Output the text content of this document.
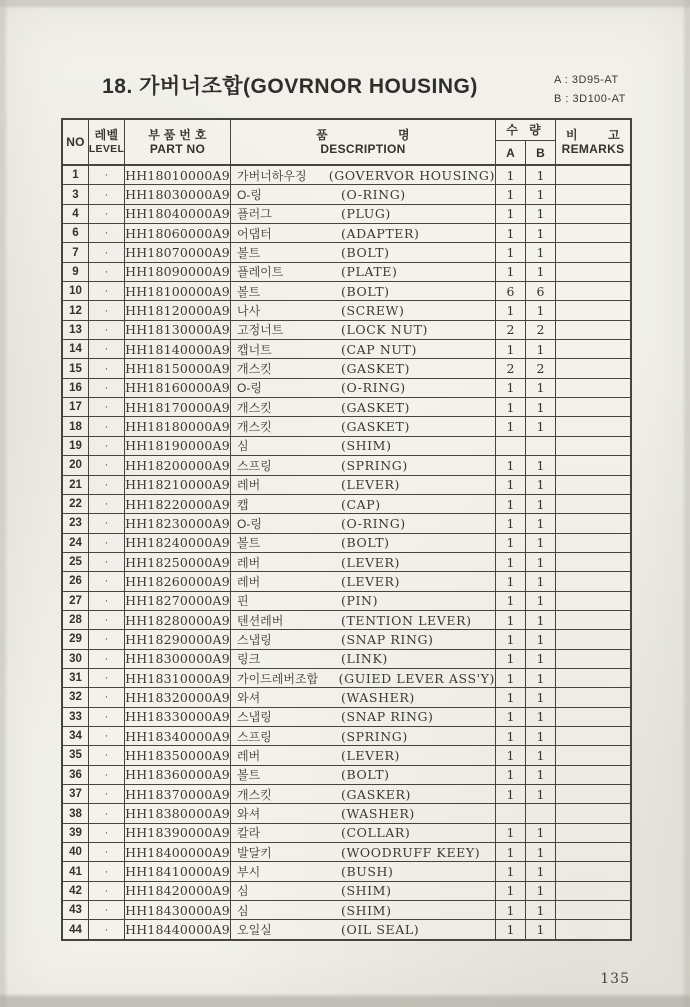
18. 가버너조합(GOVRNOR HOUSING)	A : 3D95-AT
B : 3D100-AT
NO 레벨
LEVEL
부 품 번 호
PART NO
품	명
DESCRIPTION
수 량
A	B
비	고
REMARKS
1	·	HH18010000A9 가버너하우징	(GOVERVOR HOUSING) 1	1
3	·	HH18030000A9 O-링	(O-RING)	1	1
4	·	HH18040000A9 플러그	(PLUG)	1	1
6	·	HH18060000A9 어댑터	(ADAPTER)	1	1
7	·	HH18070000A9 볼트	(BOLT)	1	1
9	·	HH18090000A9 플레이트	(PLATE)	1	1
10	·	HH18100000A9 볼트	(BOLT)	6	6
12	·	HH18120000A9 나사	(SCREW)	1	1
13	·	HH18130000A9 고정너트	(LOCK NUT)	2	2
14	·	HH18140000A9 캡너트	(CAP NUT)	1	1
15	·	HH18150000A9 개스킷	(GASKET)	2	2
16	·	HH18160000A9 O-링	(O-RING)	1	1
17	·	HH18170000A9 개스킷	(GASKET)	1	1
18	·	HH18180000A9 개스킷	(GASKET)	1	1
19	·	HH18190000A9 심	(SHIM)
20	·	HH18200000A9 스프링	(SPRING)	1	1
21	·	HH18210000A9 레버	(LEVER)	1	1
22	·	HH18220000A9 캡	(CAP)	1	1
23	·	HH18230000A9 O-링	(O-RING)	1	1
24	·	HH18240000A9 볼트	(BOLT)	1	1
25	·	HH18250000A9 레버	(LEVER)	1	1
26	·	HH18260000A9 레버	(LEVER)	1	1
27	·	HH18270000A9 핀	(PIN)	1	1
28	·	HH18280000A9 텐션레버	(TENTION LEVER)	1	1
29	·	HH18290000A9 스냅링	(SNAP RING)	1	1
30	·	HH18300000A9 링크	(LINK)	1	1
31	·	HH18310000A9 가이드레버조합	(GUIED LEVER ASS'Y) 1	1
32	·	HH18320000A9 와셔	(WASHER)	1	1
33	·	HH18330000A9 스냅링	(SNAP RING)	1	1
34	·	HH18340000A9 스프링	(SPRING)	1	1
35	·	HH18350000A9 레버	(LEVER)	1	1
36	·	HH18360000A9 볼트	(BOLT)	1	1
37	·	HH18370000A9 개스킷	(GASKER)	1	1
38	·	HH18380000A9 와셔	(WASHER)
39	·	HH18390000A9 칼라	(COLLAR)	1	1
40	·	HH18400000A9 발달키	(WOODRUFF KEEY)	1	1
41	·	HH18410000A9 부시	(BUSH)	1	1
42	·	HH18420000A9 심	(SHIM)	1	1
43	·	HH18430000A9 심	(SHIM)	1	1
44	·	HH18440000A9 오일실	(OIL SEAL)	1	1
135
